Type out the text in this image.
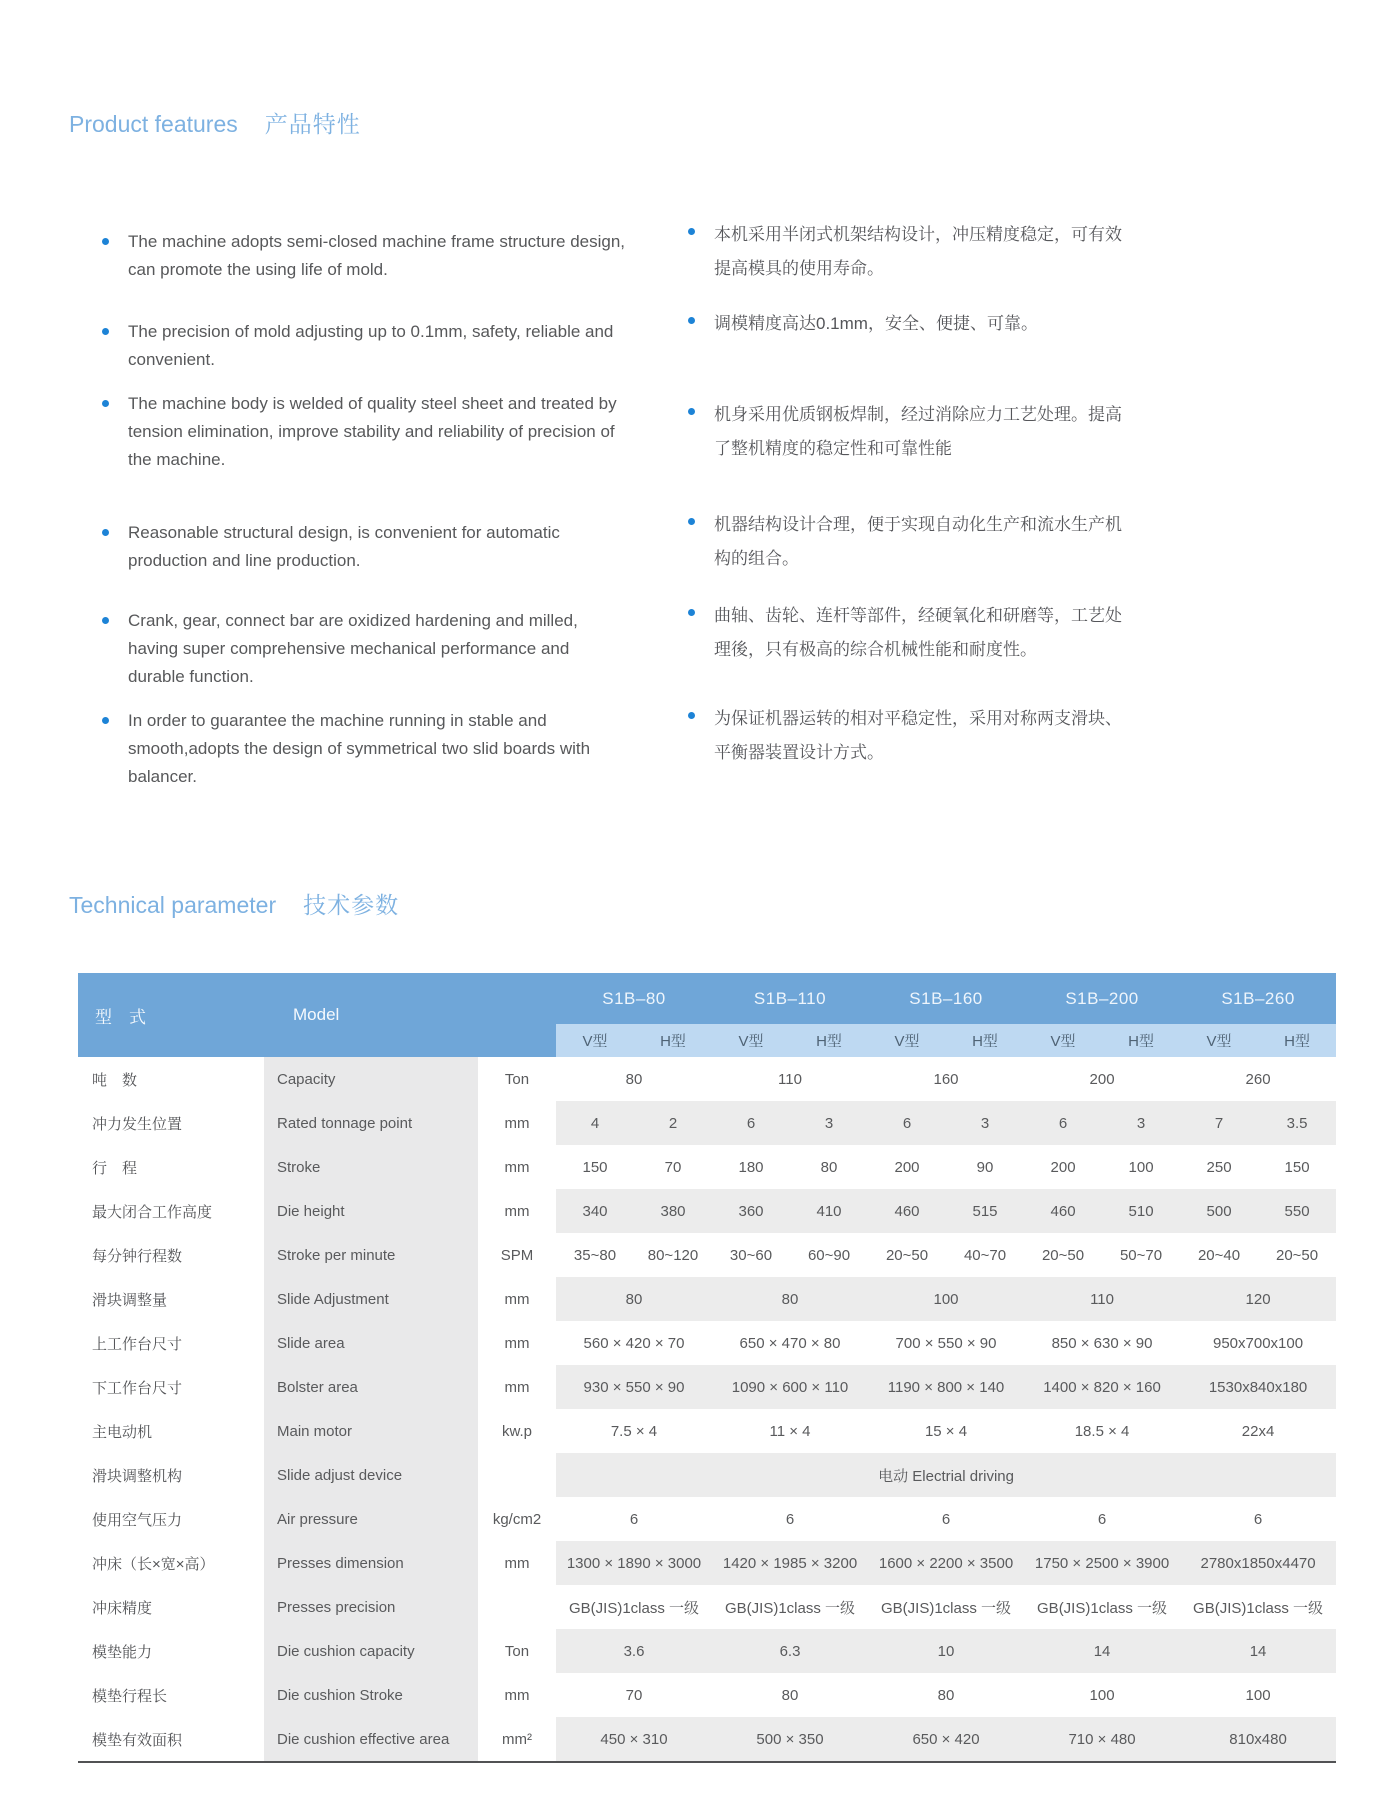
Product features 产品特性
The machine adopts semi-closed machine frame structure design, can promote the using life of mold.
The precision of mold adjusting up to 0.1mm, safety, reliable and convenient.
The machine body is welded of quality steel sheet and treated by tension elimination, improve stability and reliability of precision of the machine.
Reasonable structural design, is convenient for automatic production and line production.
Crank, gear, connect bar are oxidized hardening and milled, having super comprehensive mechanical performance and durable function.
In order to guarantee the machine running in stable and smooth,adopts the design of symmetrical two slid boards with balancer.
本机采用半闭式机架结构设计，冲压精度稳定，可有效提高模具的使用寿命。
调模精度高达0.1mm，安全、便捷、可靠。
机身采用优质钢板焊制，经过消除应力工艺处理。提高了整机精度的稳定性和可靠性能
机器结构设计合理，便于实现自动化生产和流水生产机构的组合。
曲轴、齿轮、连杆等部件，经硬氧化和研磨等，工艺处理後，只有极高的综合机械性能和耐度性。
为保证机器运转的相对平稳定性，采用对称两支滑块、平衡器装置设计方式。
Technical parameter 技术参数
型　式 Model			S1B–80		S1B–110		S1B–160		S1B–200		S1B–260	
			V型	H型	V型	H型	V型	H型	V型	H型	V型	H型
吨　数	Capacity	Ton	80		110		160		200		260	
冲力发生位置	Rated tonnage point	mm	4	2	6	3	6	3	6	3	7	3.5
行　程	Stroke	mm	150	70	180	80	200	90	200	100	250	150
最大闭合工作高度	Die height	mm	340	380	360	410	460	515	460	510	500	550
每分钟行程数	Stroke per minute	SPM	35~80	80~120	30~60	60~90	20~50	40~70	20~50	50~70	20~40	20~50
滑块调整量	Slide Adjustment	mm	80		80		100		110		120	
上工作台尺寸	Slide area	mm	560 × 420 × 70		650 × 470 × 80		700 × 550 × 90		850 × 630 × 90		950x700x100	
下工作台尺寸	Bolster area	mm	930 × 550 × 90		1090 × 600 × 110		1190 × 800 × 140		1400 × 820 × 160		1530x840x180	
主电动机	Main motor	kw.p	7.5 × 4		11 × 4		15 × 4		18.5 × 4		22x4	
滑块调整机构	Slide adjust device		电动 Electrial driving									
使用空气压力	Air pressure	kg/cm2	6		6		6		6		6	
冲床（长×宽×高）	Presses dimension	mm	1300 × 1890 × 3000		1420 × 1985 × 3200		1600 × 2200 × 3500		1750 × 2500 × 3900		2780x1850x4470	
冲床精度	Presses precision		GB(JIS)1class 一级		GB(JIS)1class 一级		GB(JIS)1class 一级		GB(JIS)1class 一级		GB(JIS)1class 一级	
模垫能力	Die cushion capacity	Ton	3.6		6.3		10		14		14	
模垫行程长	Die cushion Stroke	mm	70		80		80		100		100	
模垫有效面积	Die cushion effective area	mm²	450 × 310		500 × 350		650 × 420		710 × 480		810x480	
